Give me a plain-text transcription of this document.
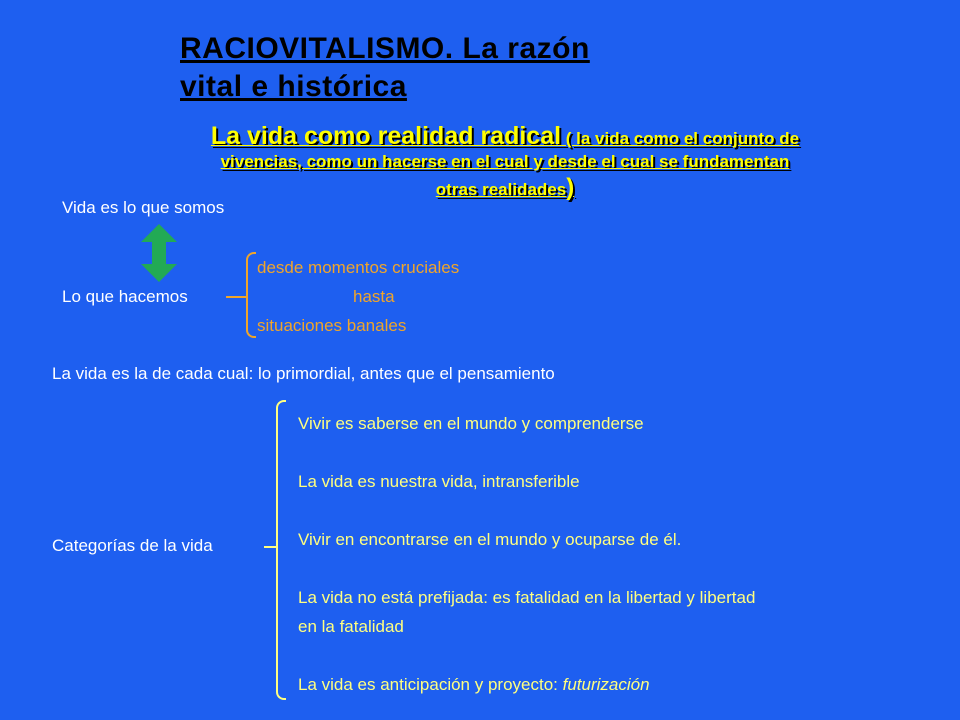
RACIOVITALISMO. La razón
vital e histórica
La vida como realidad radical ( la vida como el conjunto de
vivencias, como un hacerse en el cual y desde el cual se fundamentan
otras realidades)
Vida es lo que somos
Lo que hacemos
desde momentos cruciales
hasta
situaciones banales
La vida es la de cada cual: lo primordial, antes que el pensamiento
Categorías de la vida
Vivir es saberse en el mundo y comprenderse
La vida es nuestra vida, intransferible
Vivir en encontrarse en el mundo y ocuparse de él.
La vida no está prefijada: es fatalidad en la libertad y libertad
en la fatalidad
La vida es anticipación y proyecto: futurización
